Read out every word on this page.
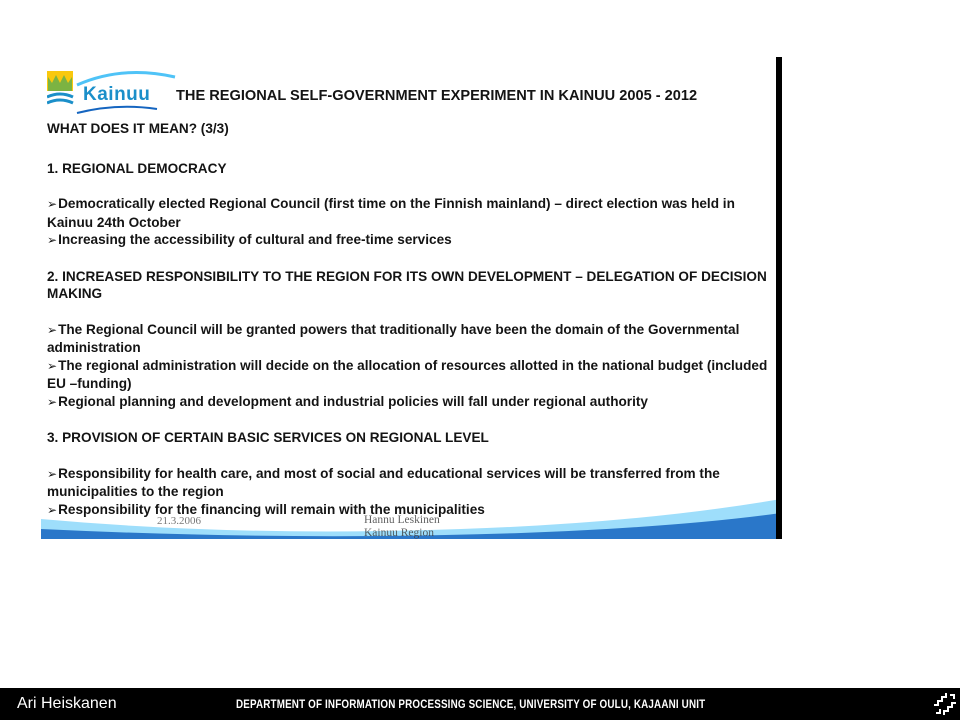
Kainuu THE REGIONAL SELF-GOVERNMENT EXPERIMENT IN KAINUU 2005 - 2012

WHAT DOES IT MEAN? (3/3)

1. REGIONAL DEMOCRACY

➢Democratically elected Regional Council (first time on the Finnish mainland) – direct election was held in Kainuu 24th October

➢Increasing the accessibility of cultural and free-time services

2. INCREASED RESPONSIBILITY TO THE REGION FOR ITS OWN DEVELOPMENT – DELEGATION OF DECISION MAKING

➢The Regional Council will be granted powers that traditionally have been the domain of the Governmental administration

➢The regional administration will decide on the allocation of resources allotted in the national budget (included EU –funding)

➢Regional planning and development and industrial policies will fall under regional authority

3. PROVISION OF CERTAIN BASIC SERVICES ON REGIONAL LEVEL

➢Responsibility for health care, and most of social and educational services will be transferred from the municipalities to the region

➢Responsibility for the financing will remain with the municipalities

21.3.2006	Hannu Leskinen
Kainuu Region
Ari Heiskanen	DEPARTMENT OF INFORMATION PROCESSING SCIENCE, UNIVERSITY OF OULU, KAJAANI UNIT
